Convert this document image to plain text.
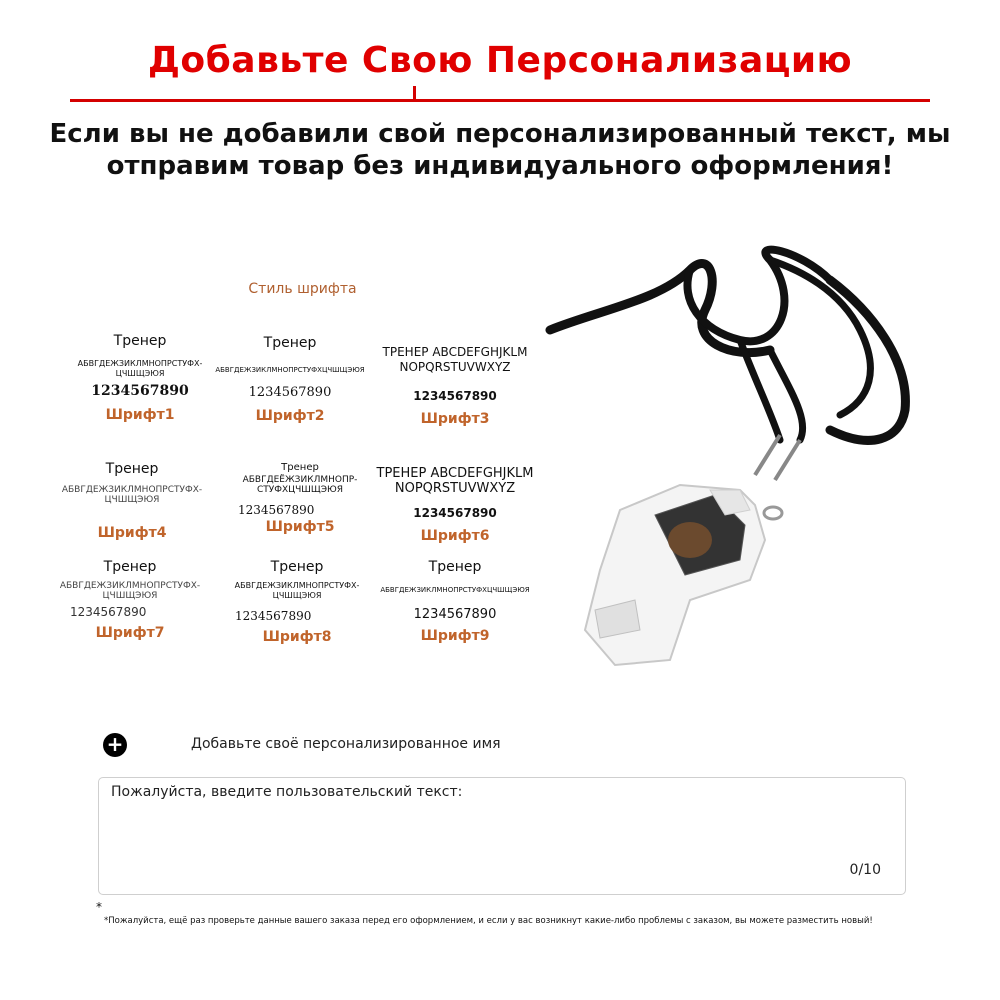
Добавьте Свою Персонализацию
Если вы не добавили свой персонализированный текст, мы
отправим товар без индивидуального оформления!
Стиль шрифта
Тренер
АБВГДЕЖЗИКЛМНОПРСТУФХ-
ЦЧШЩЭЮЯ
1234567890
Шрифт1
Тренер
АБВГДЕЖЗИКЛМНОПРСТУФХЦЧШЩЭЮЯ
1234567890
Шрифт2
ТРЕНЕР ABCDEFGHJKLM
NOPQRSTUVWXYZ
1234567890
Шрифт3
Тренер
АБВГДЕЖЗИКЛМНОПРСТУФХ-
ЦЧШЩЭЮЯ
Шрифт4
Тренер
АБВГДЕЁЖЗИКЛМНОПР-
СТУФХЦЧШЩЭЮЯ
1234567890
Шрифт5
ТРЕНЕР ABCDEFGHJKLM
NOPQRSTUVWXYZ
1234567890
Шрифт6
Тренер
АБВГДЕЖЗИКЛМНОПРСТУФХ-
ЦЧШЩЭЮЯ
1234567890
Шрифт7
Тренер
АБВГДЕЖЗИКЛМНОПРСТУФХ-
ЦЧШЩЭЮЯ
1234567890
Шрифт8
Тренер
АБВГДЕЖЗИКЛМНОПРСТУФХЦЧШЩЭЮЯ
1234567890
Шрифт9
+	Добавьте своё персонализированное имя
Пожалуйста, введите пользовательский текст:
0/10
*
*Пожалуйста, ещё раз проверьте данные вашего заказа перед его оформлением, и если у вас возникнут какие-либо проблемы с заказом, вы можете разместить новый!
